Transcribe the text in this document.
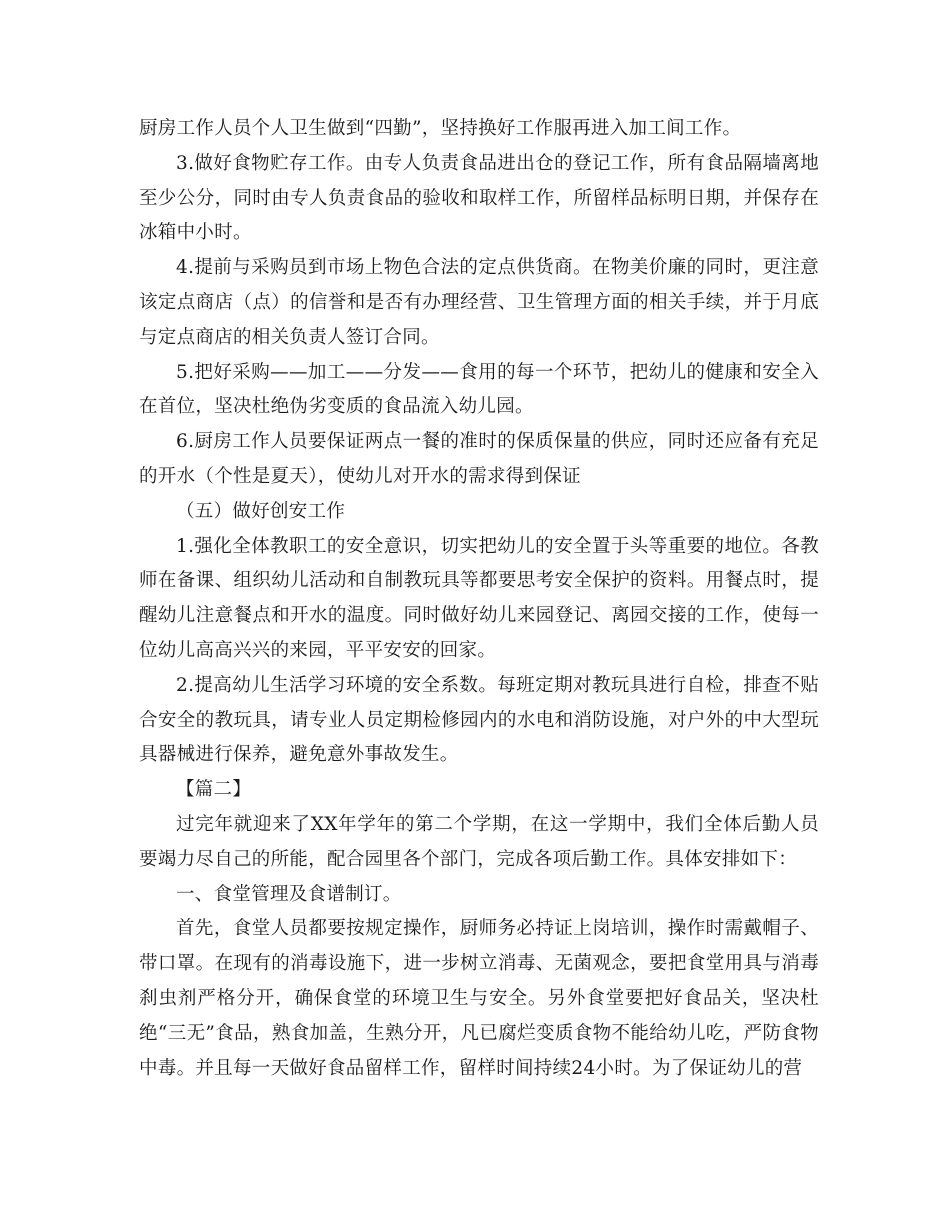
厨房工作人员个人卫生做到“四勤”，坚持换好工作服再进入加工间工作。

3.做好食物贮存工作。由专人负责食品进出仓的登记工作，所有食品隔墙离地至少公分，同时由专人负责食品的验收和取样工作，所留样品标明日期，并保存在冰箱中小时。

4.提前与采购员到市场上物色合法的定点供货商。在物美价廉的同时，更注意该定点商店（点）的信誉和是否有办理经营、卫生管理方面的相关手续，并于月底与定点商店的相关负责人签订合同。

5.把好采购——加工——分发——食用的每一个环节，把幼儿的健康和安全入在首位，坚决杜绝伪劣变质的食品流入幼儿园。

6.厨房工作人员要保证两点一餐的准时的保质保量的供应，同时还应备有充足的开水（个性是夏天），使幼儿对开水的需求得到保证

（五）做好创安工作

1.强化全体教职工的安全意识，切实把幼儿的安全置于头等重要的地位。各教师在备课、组织幼儿活动和自制教玩具等都要思考安全保护的资料。用餐点时，提醒幼儿注意餐点和开水的温度。同时做好幼儿来园登记、离园交接的工作，使每一位幼儿高高兴兴的来园，平平安安的回家。

2.提高幼儿生活学习环境的安全系数。每班定期对教玩具进行自检，排查不贴合安全的教玩具，请专业人员定期检修园内的水电和消防设施，对户外的中大型玩具器械进行保养，避免意外事故发生。

【篇二】

过完年就迎来了XX年学年的第二个学期，在这一学期中，我们全体后勤人员要竭力尽自己的所能，配合园里各个部门，完成各项后勤工作。具体安排如下：

一、食堂管理及食谱制订。

首先，食堂人员都要按规定操作，厨师务必持证上岗培训，操作时需戴帽子、带口罩。在现有的消毒设施下，进一步树立消毒、无菌观念，要把食堂用具与消毒刹虫剂严格分开，确保食堂的环境卫生与安全。另外食堂要把好食品关，坚决杜绝“三无”食品，熟食加盖，生熟分开，凡已腐烂变质食物不能给幼儿吃，严防食物中毒。并且每一天做好食品留样工作，留样时间持续24小时。为了保证幼儿的营
